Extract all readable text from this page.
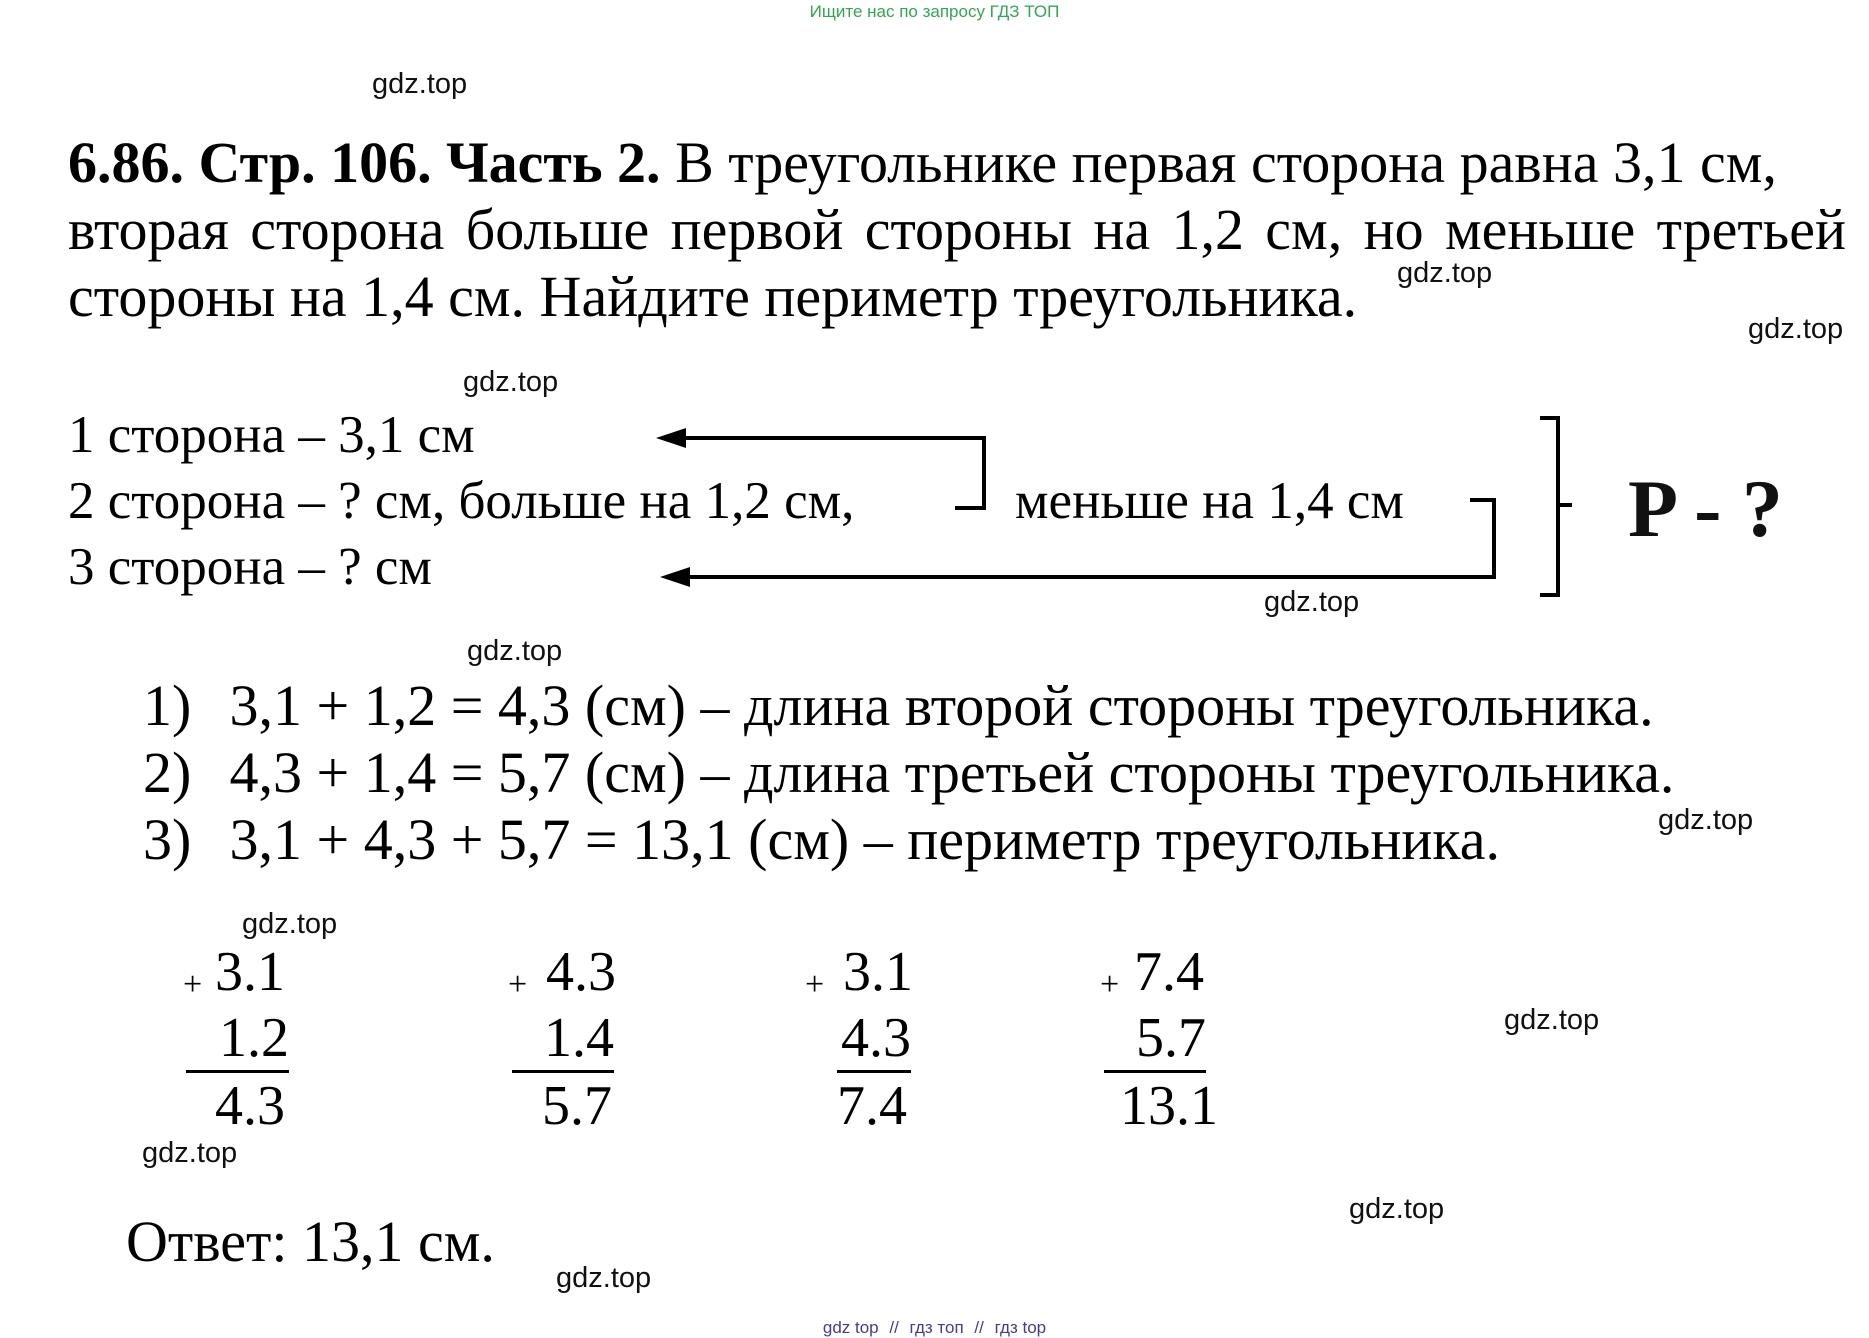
Ищите нас по запросу ГДЗ ТОП
6.86. Стр. 106. Часть 2. В треугольнике первая сторона равна 3,1 см,
вторая сторона больше первой стороны на 1,2 см, но меньше третьей
стороны на 1,4 см. Найдите периметр треугольника.
1 сторона – 3,1 см
2 сторона – ? см, больше на 1,2 см,	меньше на 1,4 см
3 сторона – ? см
P - ?
1) 3,1 + 1,2 = 4,3 (см) – длина второй стороны треугольника.
2) 4,3 + 1,4 = 5,7 (см) – длина третьей стороны треугольника.
3) 3,1 + 4,3 + 5,7 = 13,1 (см) – периметр треугольника.
+ 3.1
1.2
4.3
+ 4.3
1.4
5.7
+ 3.1
4.3
7.4
+ 7.4
5.7
13.1
Ответ: 13,1 см.
gdz.top
gdz.top
gdz.top
gdz.top
gdz.top
gdz.top
gdz.top
gdz.top
gdz.top
gdz.top
gdz.top
gdz.top
gdz top // гдз топ // гдз top
